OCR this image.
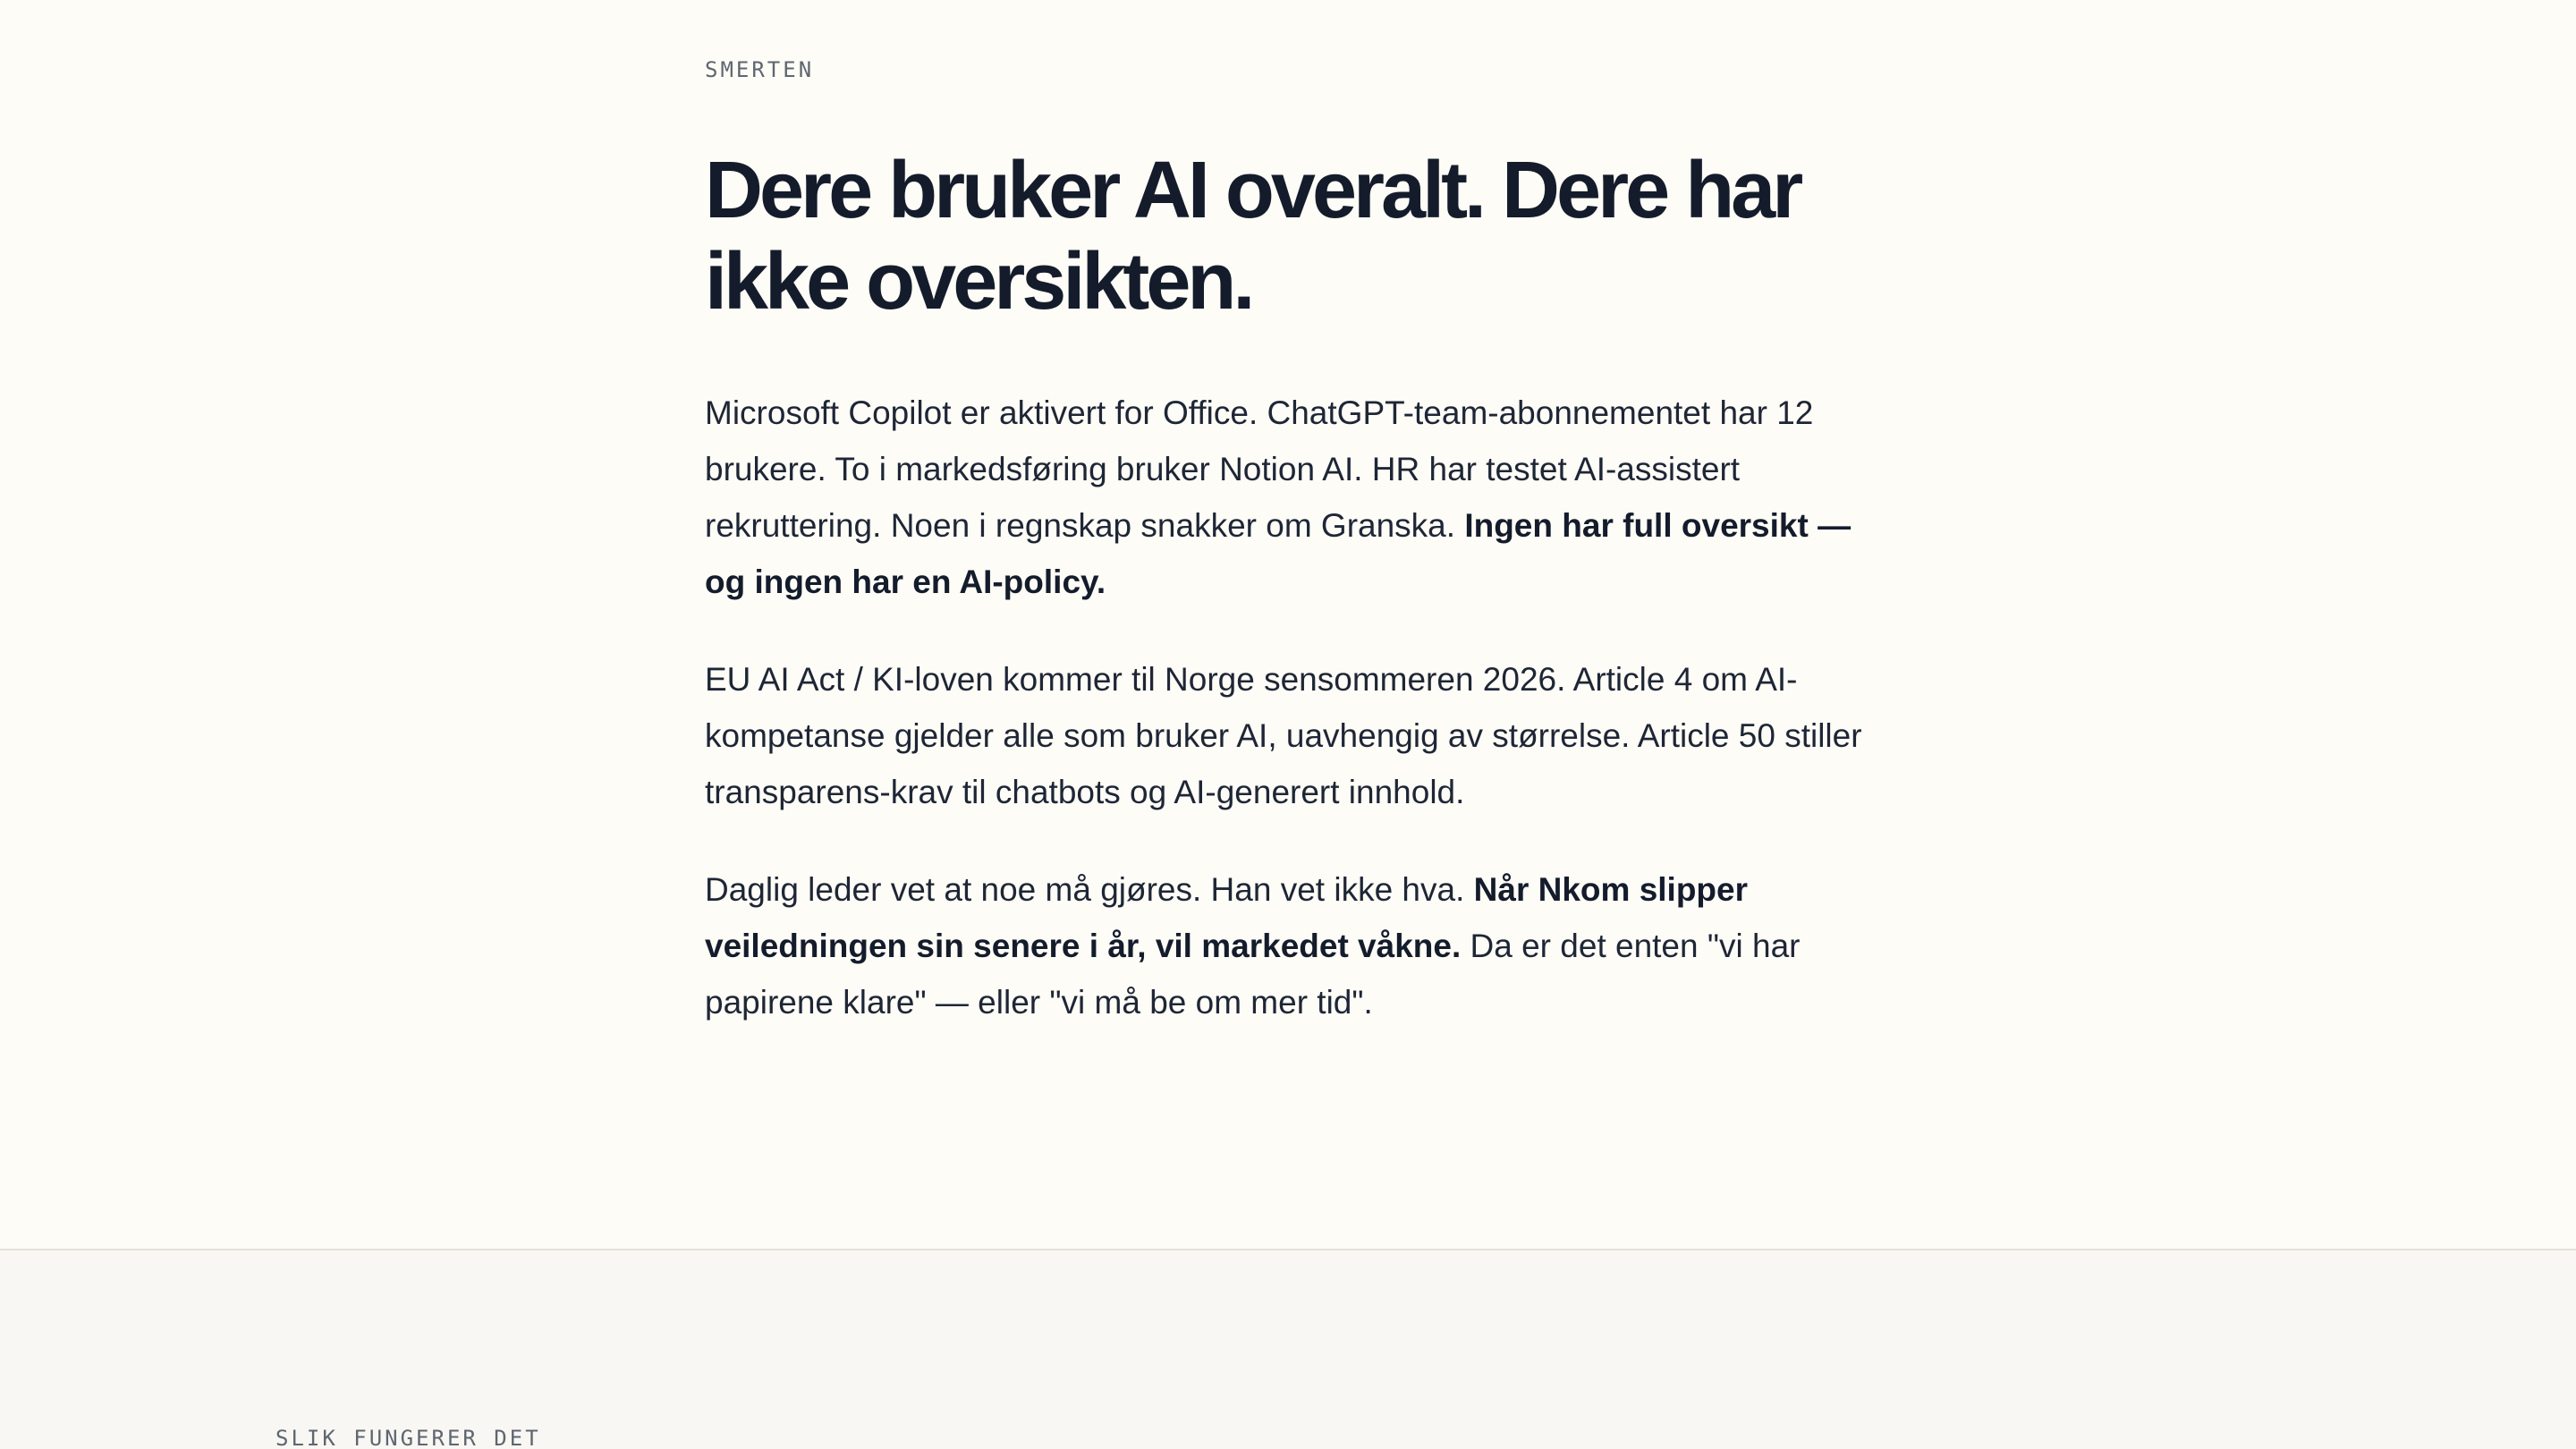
SMERTEN

Dere bruker AI overalt. Dere har ikke oversikten.

Microsoft Copilot er aktivert for Office. ChatGPT-team-abonnementet har 12 brukere. To i markedsføring bruker Notion AI. HR har testet AI-assistert rekruttering. Noen i regnskap snakker om Granska. Ingen har full oversikt — og ingen har en AI-policy.

EU AI Act / KI-loven kommer til Norge sensommeren 2026. Article 4 om AI-kompetanse gjelder alle som bruker AI, uavhengig av størrelse. Article 50 stiller transparens-krav til chatbots og AI-generert innhold.

Daglig leder vet at noe må gjøres. Han vet ikke hva. Når Nkom slipper veiledningen sin senere i år, vil markedet våkne. Da er det enten "vi har papirene klare" — eller "vi må be om mer tid".

SLIK FUNGERER DET
